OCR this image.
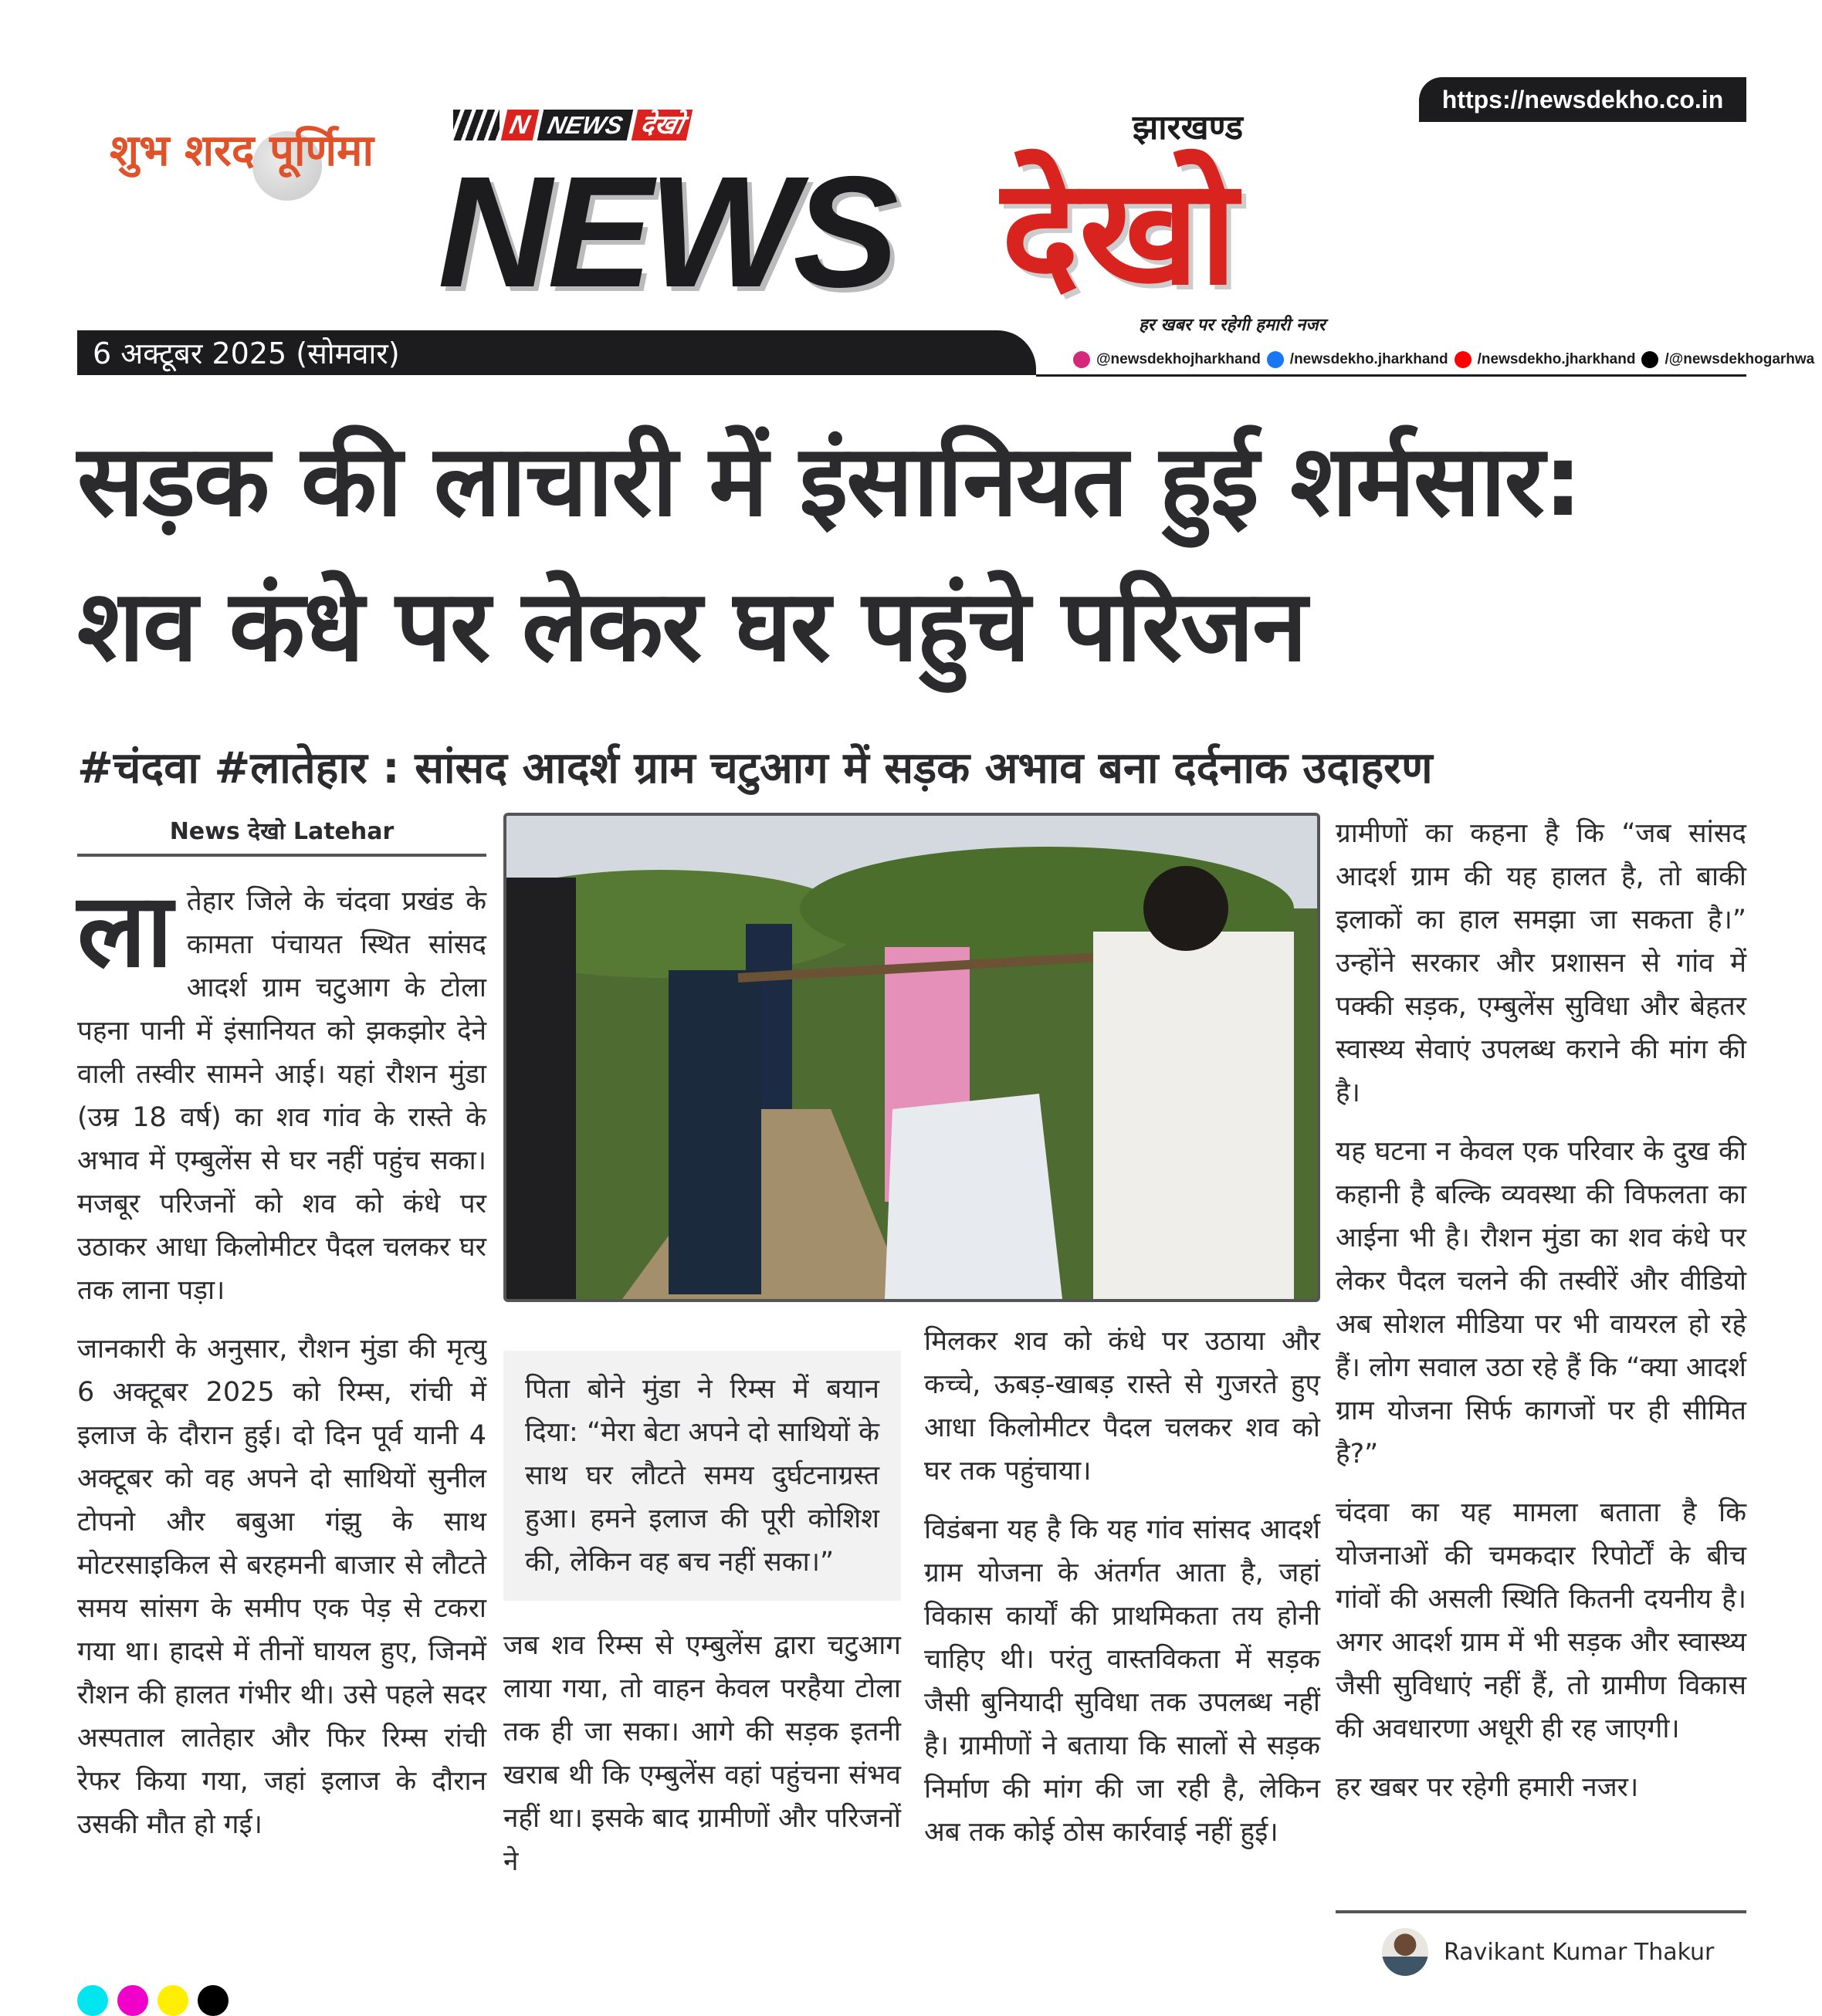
https://newsdekho.co.in
शुभ शरद पूर्णिमा	N NEWS देखो
NEWS देखो
झारखण्ड
हर खबर पर रहेगी हमारी नजर
6 अक्टूबर 2025 (सोमवार)	@newsdekhojharkhand /newsdekho.jharkhand /newsdekho.jharkhand /@newsdekhogarhwa
सड़क की लाचारी में इंसानियत हुई शर्मसार:
शव कंधे पर लेकर घर पहुंचे परिजन
#चंदवा #लातेहार : सांसद आदर्श ग्राम चटुआग में सड़क अभाव बना दर्दनाक उदाहरण
News देखो Latehar

लातेहार जिले के चंदवा प्रखंड के कामता पंचायत स्थित सांसद आदर्श ग्राम चटुआग के टोला पहना पानी में इंसानियत को झकझोर देने वाली तस्वीर सामने आई। यहां रौशन मुंडा (उम्र 18 वर्ष) का शव गांव के रास्ते के अभाव में एम्बुलेंस से घर नहीं पहुंच सका। मजबूर परिजनों को शव को कंधे पर उठाकर आधा किलोमीटर पैदल चलकर घर तक लाना पड़ा।

जानकारी के अनुसार, रौशन मुंडा की मृत्यु 6 अक्टूबर 2025 को रिम्स, रांची में इलाज के दौरान हुई। दो दिन पूर्व यानी 4 अक्टूबर को वह अपने दो साथियों सुनील टोपनो और बबुआ गंझु के साथ मोटरसाइकिल से बरहमनी बाजार से लौटते समय सांसग के समीप एक पेड़ से टकरा गया था। हादसे में तीनों घायल हुए, जिनमें रौशन की हालत गंभीर थी। उसे पहले सदर अस्पताल लातेहार और फिर रिम्स रांची रेफर किया गया, जहां इलाज के दौरान उसकी मौत हो गई।

पिता बोने मुंडा ने रिम्स में बयान दिया: “मेरा बेटा अपने दो साथियों के साथ घर लौटते समय दुर्घटनाग्रस्त हुआ। हमने इलाज की पूरी कोशिश की, लेकिन वह बच नहीं सका।”

जब शव रिम्स से एम्बुलेंस द्वारा चटुआग लाया गया, तो वाहन केवल परहैया टोला तक ही जा सका। आगे की सड़क इतनी खराब थी कि एम्बुलेंस वहां पहुंचना संभव नहीं था। इसके बाद ग्रामीणों और परिजनों ने

मिलकर शव को कंधे पर उठाया और कच्चे, ऊबड़-खाबड़ रास्ते से गुजरते हुए आधा किलोमीटर पैदल चलकर शव को घर तक पहुंचाया।

विडंबना यह है कि यह गांव सांसद आदर्श ग्राम योजना के अंतर्गत आता है, जहां विकास कार्यों की प्राथमिकता तय होनी चाहिए थी। परंतु वास्तविकता में सड़क जैसी बुनियादी सुविधा तक उपलब्ध नहीं है। ग्रामीणों ने बताया कि सालों से सड़क निर्माण की मांग की जा रही है, लेकिन अब तक कोई ठोस कार्रवाई नहीं हुई।

ग्रामीणों का कहना है कि “जब सांसद आदर्श ग्राम की यह हालत है, तो बाकी इलाकों का हाल समझा जा सकता है।” उन्होंने सरकार और प्रशासन से गांव में पक्की सड़क, एम्बुलेंस सुविधा और बेहतर स्वास्थ्य सेवाएं उपलब्ध कराने की मांग की है।

यह घटना न केवल एक परिवार के दुख की कहानी है बल्कि व्यवस्था की विफलता का आईना भी है। रौशन मुंडा का शव कंधे पर लेकर पैदल चलने की तस्वीरें और वीडियो अब सोशल मीडिया पर भी वायरल हो रहे हैं। लोग सवाल उठा रहे हैं कि “क्या आदर्श ग्राम योजना सिर्फ कागजों पर ही सीमित है?”

चंदवा का यह मामला बताता है कि योजनाओं की चमकदार रिपोर्टों के बीच गांवों की असली स्थिति कितनी दयनीय है। अगर आदर्श ग्राम में भी सड़क और स्वास्थ्य जैसी सुविधाएं नहीं हैं, तो ग्रामीण विकास की अवधारणा अधूरी ही रह जाएगी।

हर खबर पर रहेगी हमारी नजर।

Ravikant Kumar Thakur
